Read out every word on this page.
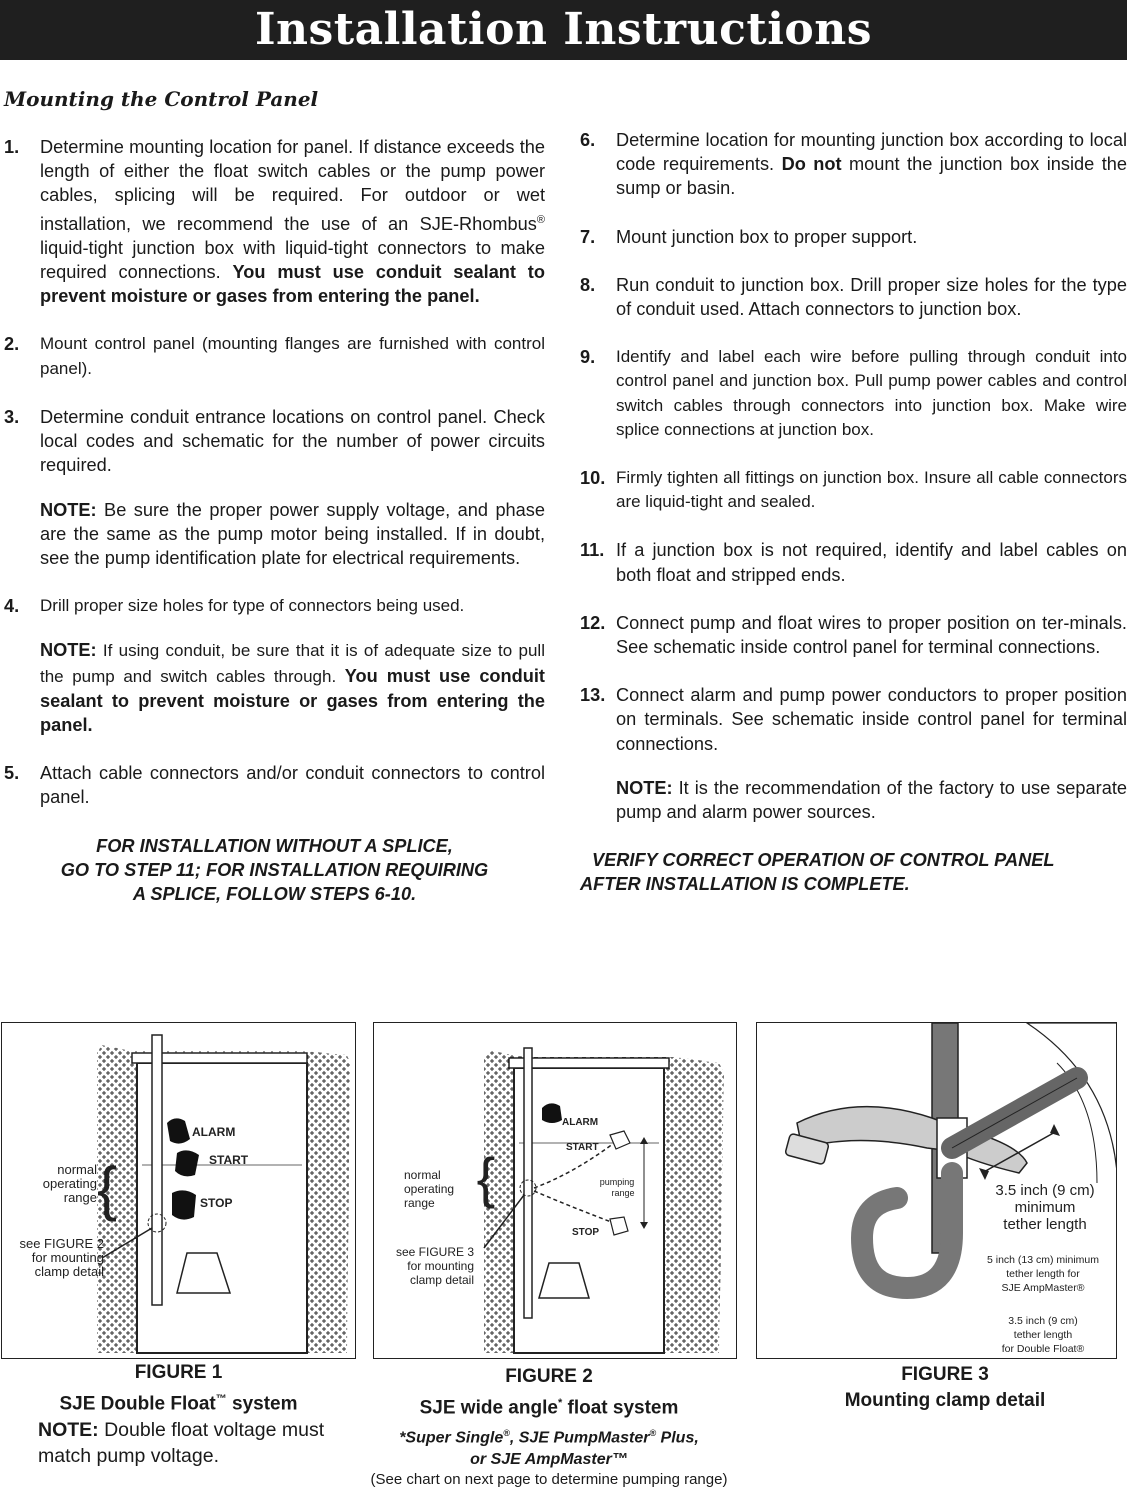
Installation Instructions
Mounting the Control Panel
1. Determine mounting location for panel. If distance exceeds the length of either the float switch cables or the pump power cables, splicing will be required. For outdoor or wet installation, we recommend the use of an SJE-Rhombus® liquid-tight junction box with liquid-tight connectors to make required connections. You must use conduit sealant to prevent moisture or gases from entering the panel.
2. Mount control panel (mounting flanges are furnished with control panel).
3. Determine conduit entrance locations on control panel. Check local codes and schematic for the number of power circuits required.
NOTE: Be sure the proper power supply voltage, and phase are the same as the pump motor being installed. If in doubt, see the pump identification plate for electrical requirements.
4. Drill proper size holes for type of connectors being used.
NOTE: If using conduit, be sure that it is of adequate size to pull the pump and switch cables through. You must use conduit sealant to prevent moisture or gases from entering the panel.
5. Attach cable connectors and/or conduit connectors to control panel.
FOR INSTALLATION WITHOUT A SPLICE,
GO TO STEP 11; FOR INSTALLATION REQUIRING
A SPLICE, FOLLOW STEPS 6-10.
6. Determine location for mounting junction box according to local code requirements. Do not mount the junction box inside the sump or basin.
7. Mount junction box to proper support.
8. Run conduit to junction box. Drill proper size holes for the type of conduit used. Attach connectors to junction box.
9. Identify and label each wire before pulling through conduit into control panel and junction box. Pull pump power cables and control switch cables through connectors into junction box. Make wire splice connections at junction box.
10. Firmly tighten all fittings on junction box. Insure all cable connectors are liquid-tight and sealed.
11. If a junction box is not required, identify and label cables on both float and stripped ends.
12. Connect pump and float wires to proper position on ter-minals. See schematic inside control panel for terminal connections.
13. Connect alarm and pump power conductors to proper position on terminals. See schematic inside control panel for terminal connections.
NOTE: It is the recommendation of the factory to use separate pump and alarm power sources.
VERIFY CORRECT OPERATION OF CONTROL PANEL
AFTER INSTALLATION IS COMPLETE.
ALARM
START
STOP
{
normal
operating
range
see FIGURE 2
for mounting
clamp detail
ALARM
START
STOP
pumping
range
{
normal
operating
range
see FIGURE 3
for mounting
clamp detail
3.5 inch (9 cm)
minimum
tether length
5 inch (13 cm) minimum
tether length for
SJE AmpMaster®
3.5 inch (9 cm)
tether length
for Double Float®
FIGURE 1
SJE Double Float™ system
NOTE: Double float voltage must match pump voltage.
FIGURE 2
SJE wide angle* float system
*Super Single®, SJE PumpMaster® Plus,
or SJE AmpMaster™
(See chart on next page to determine pumping range)
FIGURE 3
Mounting clamp detail
